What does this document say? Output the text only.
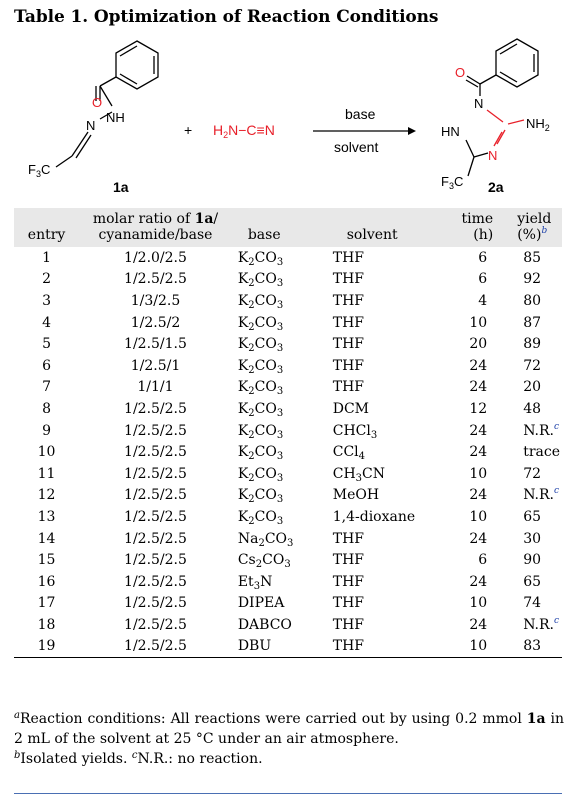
Table 1. Optimization of Reaction Conditions
O
NH
N
$F_3C$
1a
+ $H_2N-C\equiv N$
base
solvent
O
N
HN
$NH_2$
N
$F_3C$ 2a
entry	molar ratio of 1a/
cyanamide/base	base	solvent	time
(h)	yield (%)$^b$
1	1/2.0/2.5	$K_2CO_3$	THF	6	85
2	1/2.5/2.5	$K_2CO_3$	THF	6	92
3	1/3/2.5	$K_2CO_3$	THF	4	80
4	1/2.5/2	$K_2CO_3$	THF	10	87
5	1/2.5/1.5	$K_2CO_3$	THF	20	89
6	1/2.5/1	$K_2CO_3$	THF	24	72
7	1/1/1	$K_2CO_3$	THF	24	20
8	1/2.5/2.5	$K_2CO_3$	DCM	12	48
9	1/2.5/2.5	$K_2CO_3$	CHCl$_3$	24	N.R.$^c$
10	1/2.5/2.5	$K_2CO_3$	CCl$_4$	24	trace
11	1/2.5/2.5	$K_2CO_3$	$CH_3CN$	10	72
12	1/2.5/2.5	$K_2CO_3$	MeOH	24	N.R.$^c$
13	1/2.5/2.5	$K_2CO_3$	1,4-dioxane	10	65
14	1/2.5/2.5	$Na_2CO_3$	THF	24	30
15	1/2.5/2.5	$Cs_2CO_3$	THF	6	90
16	1/2.5/2.5	$Et_3N$	THF	24	65
17	1/2.5/2.5	DIPEA	THF	10	74
18	1/2.5/2.5	DABCO	THF	24	N.R.$^c$
19	1/2.5/2.5	DBU	THF	10	83
$^a$Reaction conditions: All reactions were carried out by using 0.2 mmol 1a in 2 mL of the solvent at 25 °C under an air atmosphere.
$^b$Isolated yields. $^c$N.R.: no reaction.
